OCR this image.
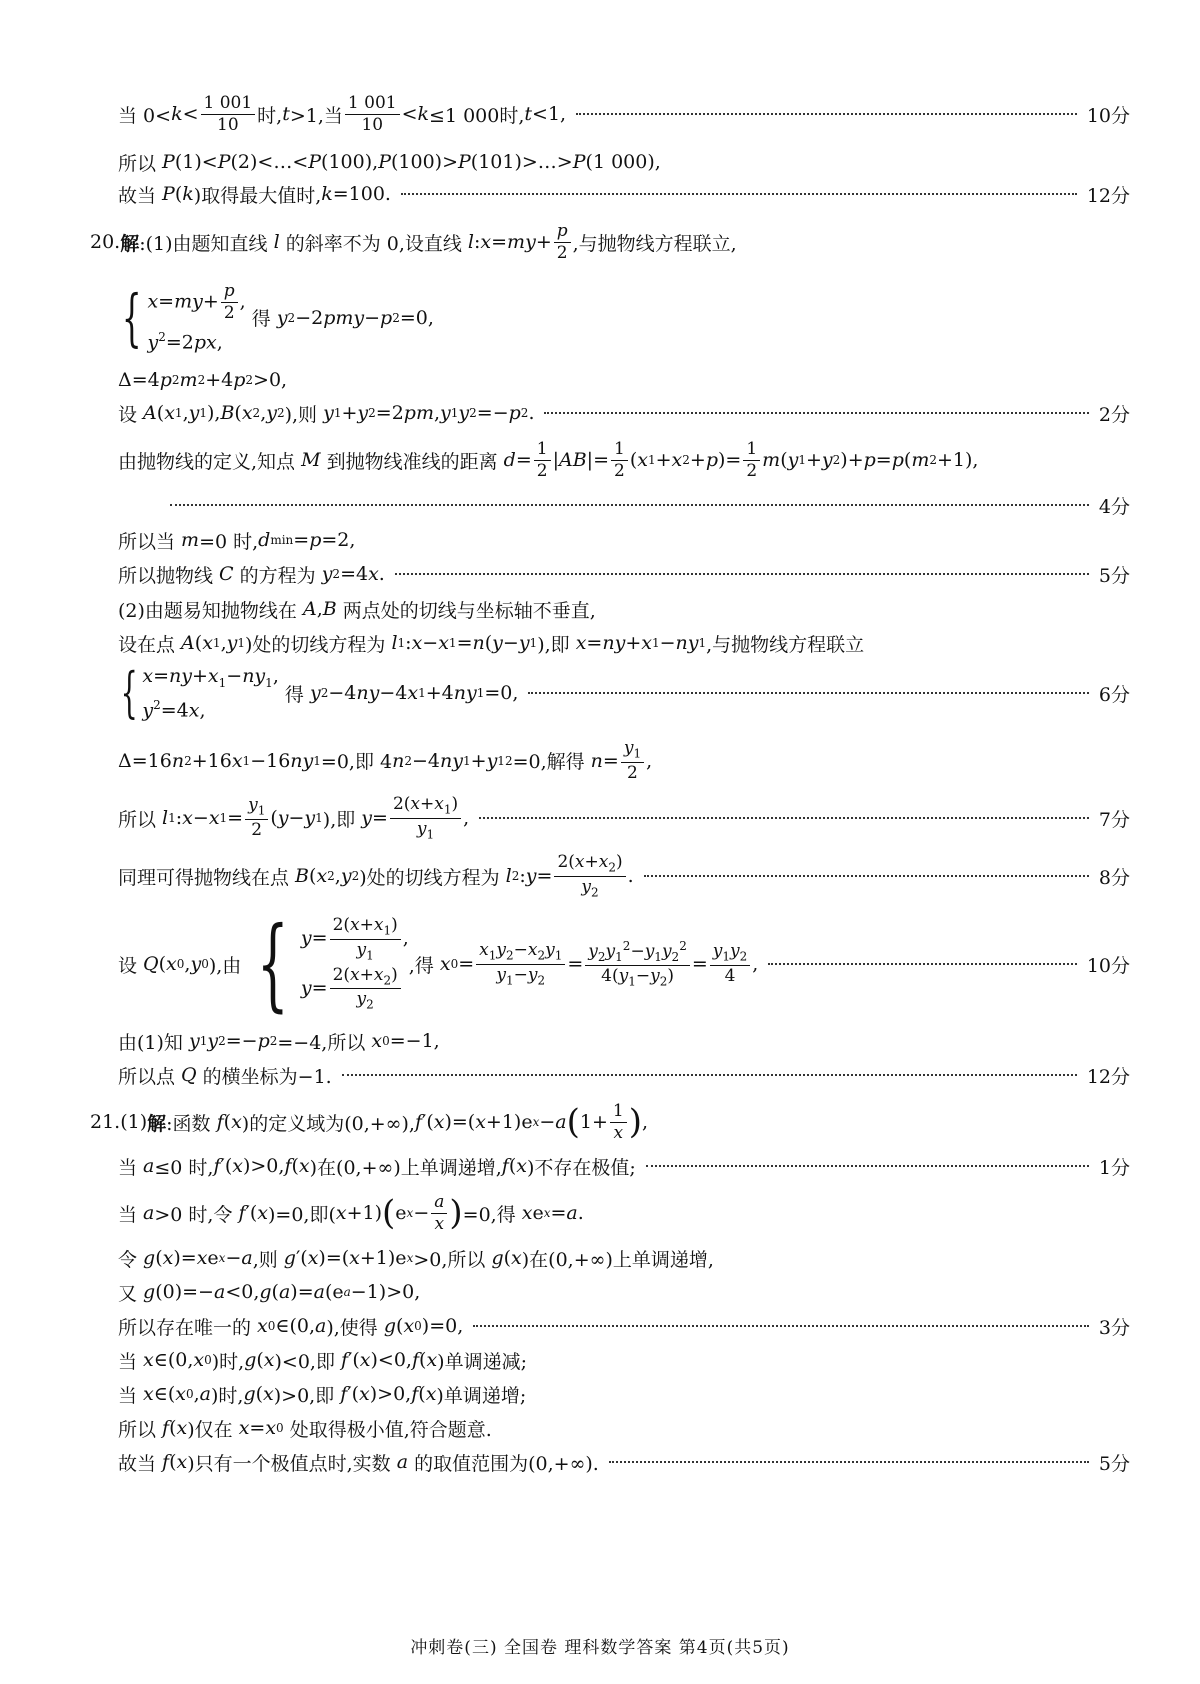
当 $0< k < \frac{1 001}{10}$ 时, t >1,当 $\frac{1 001}{10} < k \le 1$ 000时, t <1,	10分
所以 P (1)< P (2)<…< P (100), P (100)> P (101)>…> P (1 000),
故当 P ( k )取得最大值时, k =100.	12分
20. 解 :(1)由题知直线 l 的斜率不为 0,设直线 l : x = my + $\frac{p}{2}$ ,与抛物线方程联立,
{ $x=my+ \frac{p}{2}$ ,
$y^2=2px$,
得 y 2 −2 pmy − p 2 =0,
Δ=4 p 2 m 2 +4 p 2 >0,
设 A ( x 1 , y 1 ), B ( x 2 , y 2 ),则 y 1 + y 2 =2 pm , y 1 y 2 =− p 2 .	2分
由抛物线的定义,知点 M 到抛物线准线的距离 $d = \frac{1}{2}$ | AB |= $\frac{1}{2}$ ( x 1 + x 2 + p )= $\frac{1}{2}$ m ( y 1 + y 2 )+ p = p ( m 2 +1),
4分
所以当 m =0 时, d min = p =2,
所以抛物线 C 的方程为 y 2 =4 x .	5分
(2)由题易知抛物线在 A , B 两点处的切线与坐标轴不垂直,
设在点 A ( x 1 , y 1 )处的切线方程为 l 1 : x − x 1 = n ( y − y 1 ),即 x = ny + x 1 − ny 1 ,与抛物线方程联立
{ $x=ny+x_1-ny_1$,
$y^2=4x$,
得 y 2 −4 ny −4 x 1 +4 ny 1 =0,	6分
Δ=16 n 2 +16 x 1 −16 ny 1 =0,即 4 n 2 −4 ny 1 + y 1 2 =0,解得 $n = \frac{y_1}{2}$ ,
所以 l 1 : x − x $1 = \frac{y_1}{2}$ ( y − y 1 ),即 $y = \frac{2(x+x_1)}{y_1}$ ,	7分
同理可得抛物线在点 B ( x 2 , y 2 )处的切线方程为 l 2 : $y = \frac{2(x+x_2)}{y_2}$ .	8分
设 Q ( x 0 , y 0 ),由 { $y= \frac{2(x+x_1)}{y_1}$ ,
$y= \frac{2(x+x_2)}{y_2}$
,得 x $0 = \frac{x_1y_2-x_2y_1}{y_1-y_2} = \frac{y_2y_1^2-y_1y_2^2}{4(y_1-y_2)} = \frac{y_1y_2}{4}$ ,	10分
由(1)知 y 1 y 2 =− p 2 =−4,所以 x 0 =−1,
所以点 Q 的横坐标为−1.	12分
21.(1) 解 :函数 f ( x )的定义域为(0,+∞), f ′( x )=( x +1)e x − a ( $1+ \frac{1}{x}$ ) ,
当 a ≤0 时, f ′( x )>0, f ( x )在(0,+∞)上单调递增, f ( x )不存在极值;	1分
当 a >0 时,令 f ′( x )=0,即( x +1) ( e $x - \frac{a}{x}$ ) =0,得 x e x = a .
令 g ( x )= x e x − a ,则 g ′( x )=( x +1)e x >0,所以 g ( x )在(0,+∞)上单调递增,
又 g (0)=− a <0, g ( a )= a (e a −1)>0,
所以存在唯一的 x 0 ∈(0, a ),使得 g ( x 0 )=0,	3分
当 x ∈(0, x 0 )时, g ( x )<0,即 f ′( x )<0, f ( x )单调递减;
当 x ∈( x 0 , a )时, g ( x )>0,即 f ′( x )>0, f ( x )单调递增;
所以 f ( x )仅在 x = x 0 处取得极小值,符合题意.
故当 f ( x )只有一个极值点时,实数 a 的取值范围为(0,+∞).	5分
冲刺卷(三) 全国卷 理科数学答案 第4页(共5页)
